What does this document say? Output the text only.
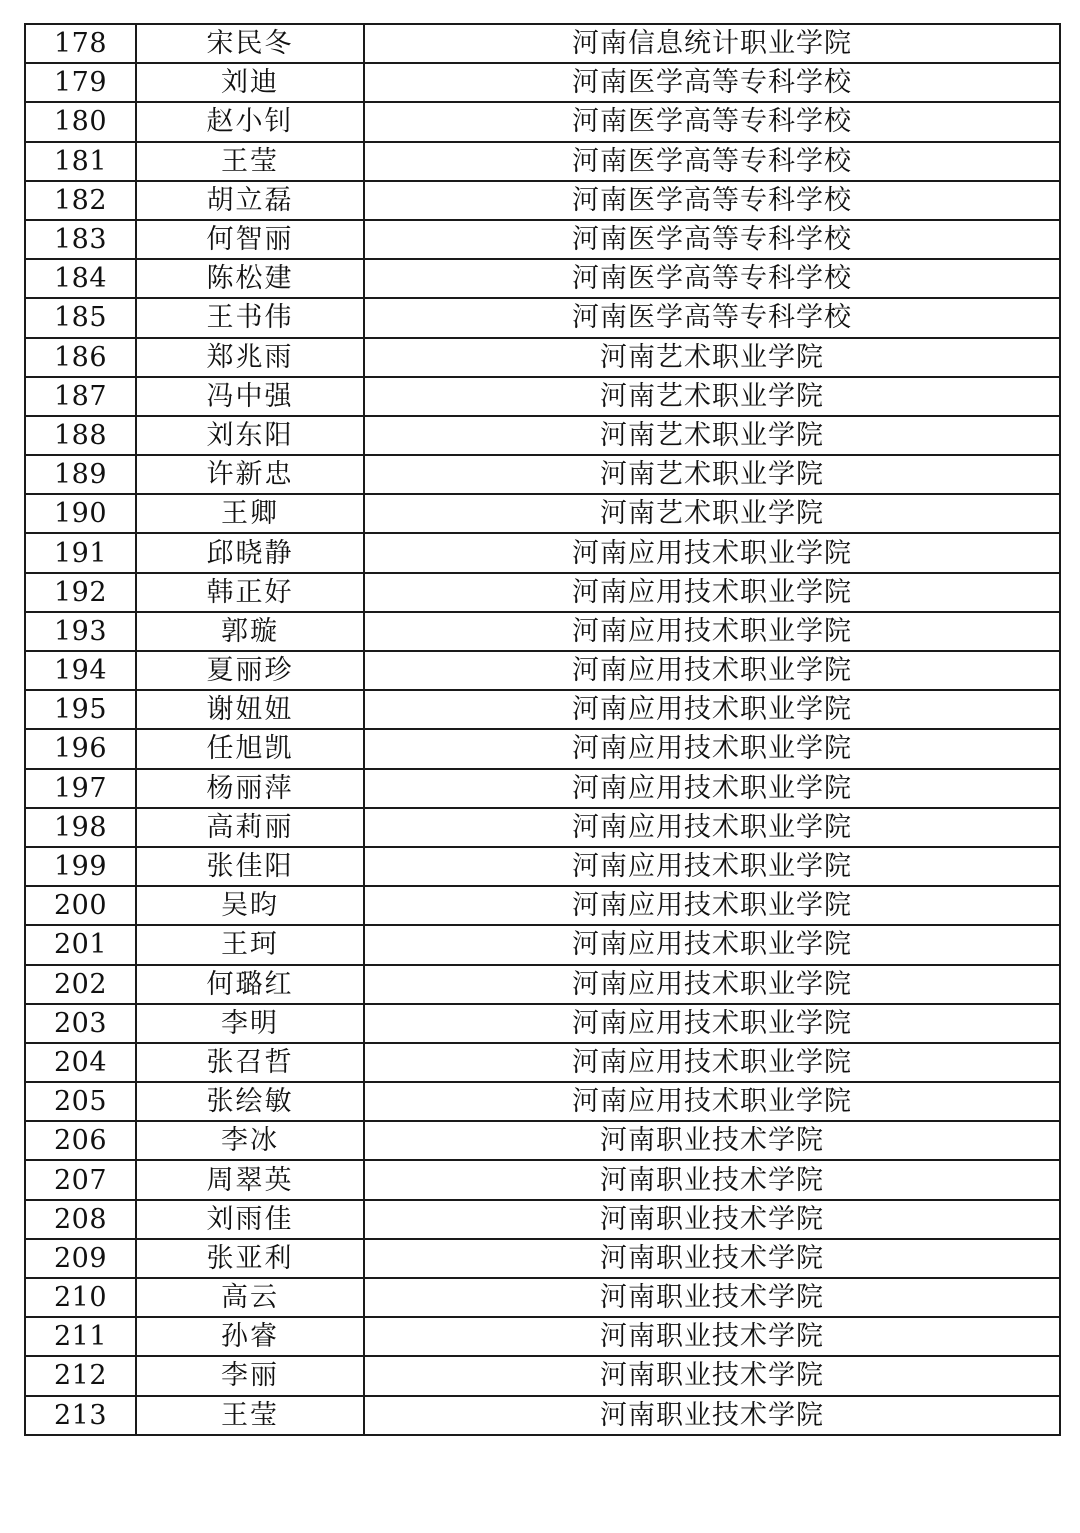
178	宋民冬	河南信息统计职业学院
179	刘迪	河南医学高等专科学校
180	赵小钊	河南医学高等专科学校
181	王莹	河南医学高等专科学校
182	胡立磊	河南医学高等专科学校
183	何智丽	河南医学高等专科学校
184	陈松建	河南医学高等专科学校
185	王书伟	河南医学高等专科学校
186	郑兆雨	河南艺术职业学院
187	冯中强	河南艺术职业学院
188	刘东阳	河南艺术职业学院
189	许新忠	河南艺术职业学院
190	王卿	河南艺术职业学院
191	邱晓静	河南应用技术职业学院
192	韩正好	河南应用技术职业学院
193	郭璇	河南应用技术职业学院
194	夏丽珍	河南应用技术职业学院
195	谢妞妞	河南应用技术职业学院
196	任旭凯	河南应用技术职业学院
197	杨丽萍	河南应用技术职业学院
198	高莉丽	河南应用技术职业学院
199	张佳阳	河南应用技术职业学院
200	吴昀	河南应用技术职业学院
201	王珂	河南应用技术职业学院
202	何璐红	河南应用技术职业学院
203	李明	河南应用技术职业学院
204	张召哲	河南应用技术职业学院
205	张绘敏	河南应用技术职业学院
206	李冰	河南职业技术学院
207	周翠英	河南职业技术学院
208	刘雨佳	河南职业技术学院
209	张亚利	河南职业技术学院
210	高云	河南职业技术学院
211	孙睿	河南职业技术学院
212	李丽	河南职业技术学院
213	王莹	河南职业技术学院
